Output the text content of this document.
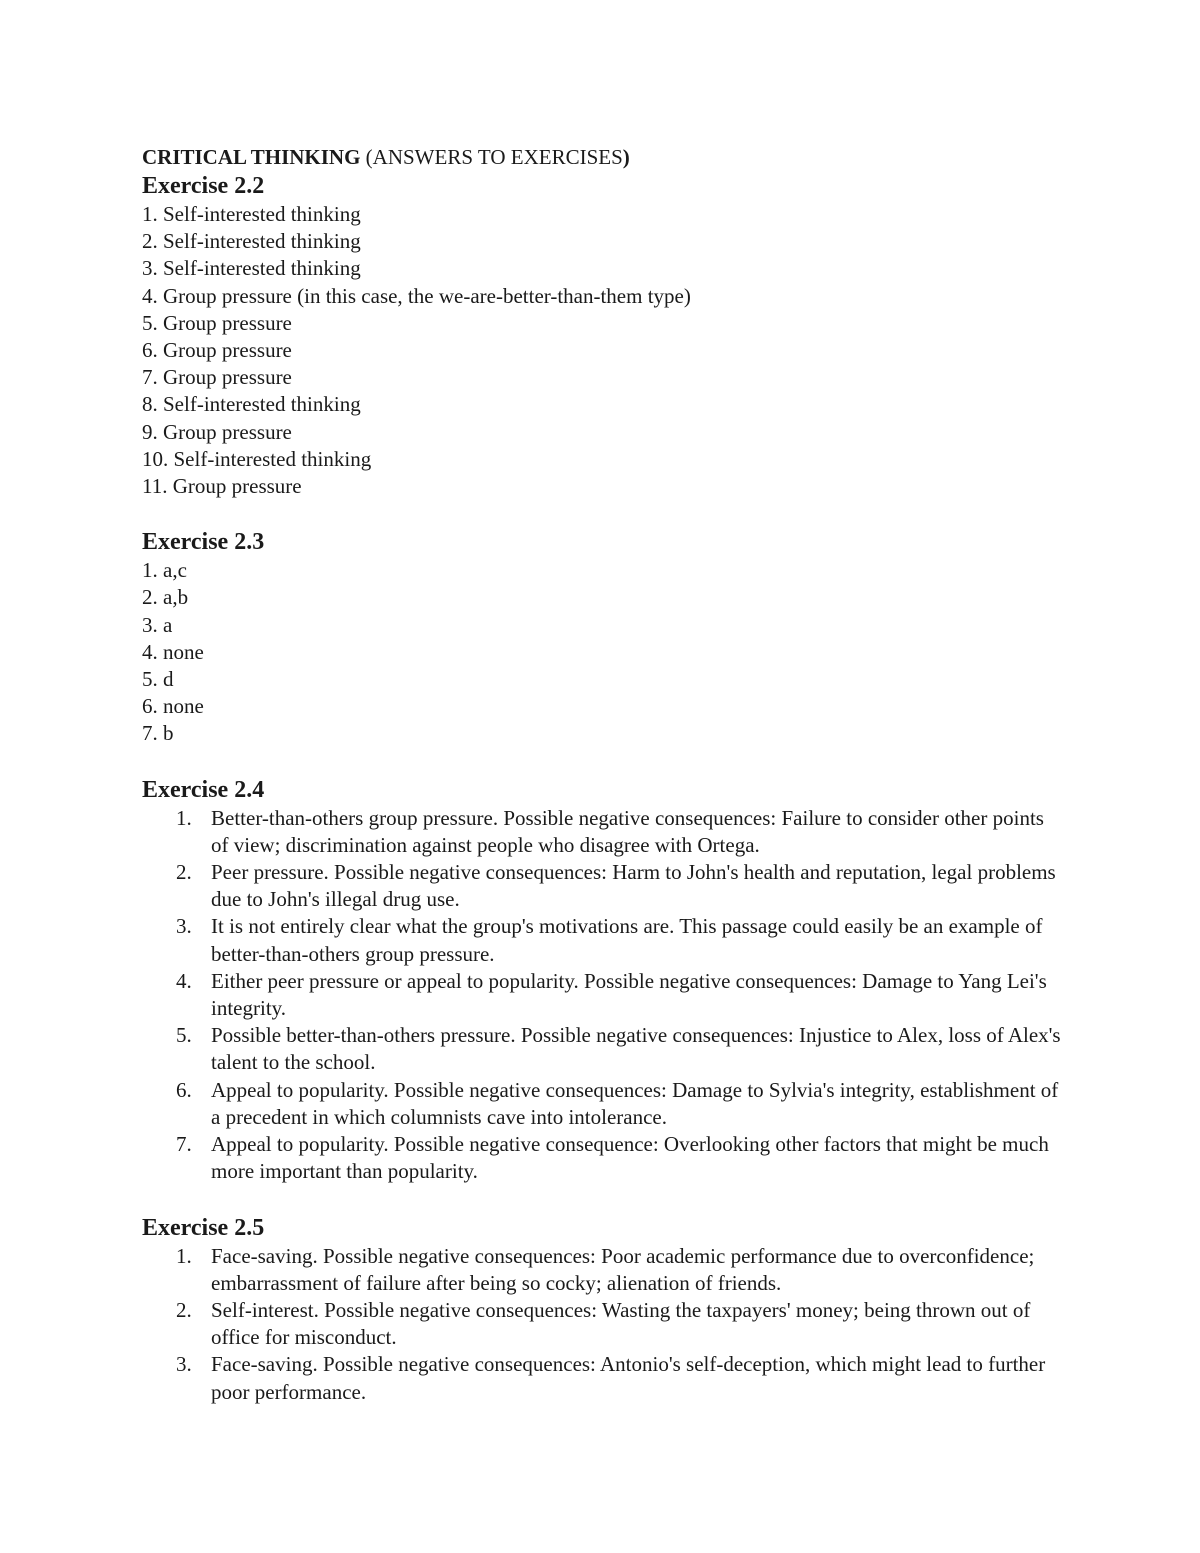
CRITICAL THINKING (ANSWERS TO EXERCISES)

Exercise 2.2
1. Self-interested thinking
2. Self-interested thinking
3. Self-interested thinking
4. Group pressure (in this case, the we-are-better-than-them type)
5. Group pressure
6. Group pressure
7. Group pressure
8. Self-interested thinking
9. Group pressure
10. Self-interested thinking
11. Group pressure
Exercise 2.3
1. a,c
2. a,b
3. a
4. none
5. d
6. none
7. b
Exercise 2.4
1. Better-than-others group pressure. Possible negative consequences: Failure to consider other points of view; discrimination against people who disagree with Ortega.
2. Peer pressure. Possible negative consequences: Harm to John's health and reputation, legal problems due to John's illegal drug use.
3. It is not entirely clear what the group's motivations are. This passage could easily be an example of better-than-others group pressure.
4. Either peer pressure or appeal to popularity. Possible negative consequences: Damage to Yang Lei's integrity.
5. Possible better-than-others pressure. Possible negative consequences: Injustice to Alex, loss of Alex's talent to the school.
6. Appeal to popularity. Possible negative consequences: Damage to Sylvia's integrity, establishment of a precedent in which columnists cave into intolerance.
7. Appeal to popularity. Possible negative consequence: Overlooking other factors that might be much more important than popularity.
Exercise 2.5
1. Face-saving. Possible negative consequences: Poor academic performance due to overconfidence; embarrassment of failure after being so cocky; alienation of friends.
2. Self-interest. Possible negative consequences: Wasting the taxpayers' money; being thrown out of office for misconduct.
3. Face-saving. Possible negative consequences: Antonio's self-deception, which might lead to further poor performance.
